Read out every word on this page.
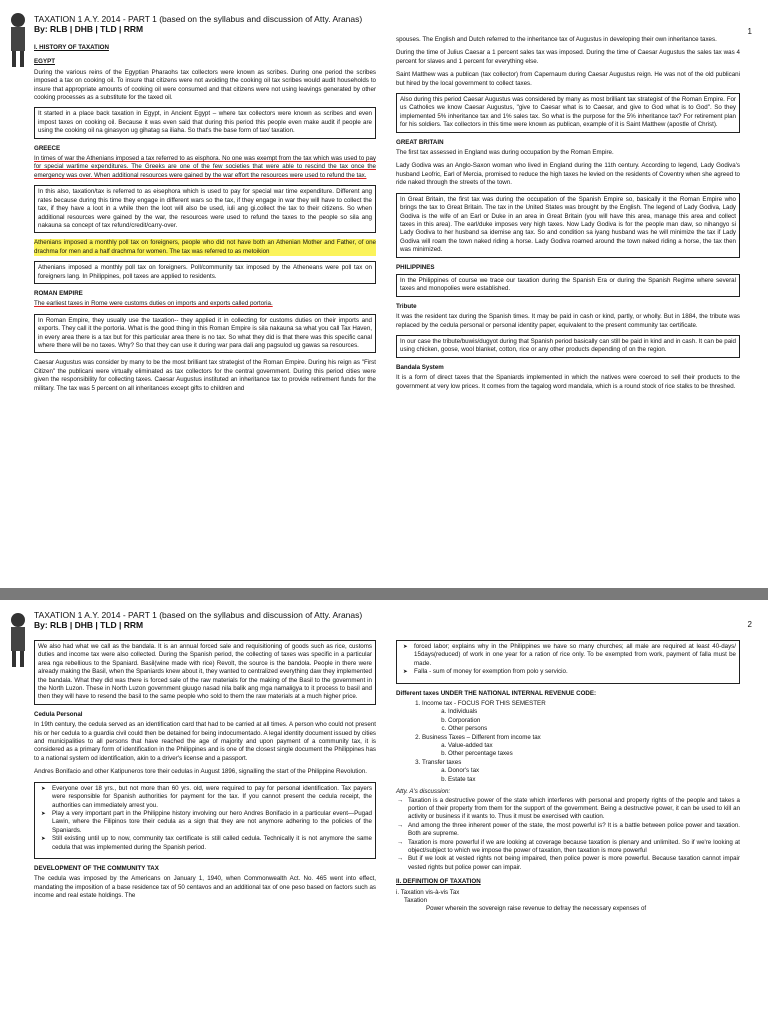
TAXATION 1 A.Y. 2014 - PART 1 (based on the syllabus and discussion of Atty. Aranas)
By: RLB | DHB | TLD | RRM	1
I. HISTORY OF TAXATION
EGYPT

During the various reins of the Egyptian Pharaohs tax collectors were known as scribes. During one period the scribes imposed a tax on cooking oil. To insure that citizens were not avoiding the cooking oil tax scribes would audit households to insure that appropriate amounts of cooking oil were consumed and that citizens were not using leavings generated by other cooking processes as a substitute for the taxed oil.

It started in a place back taxation in Egypt, in Ancient Egypt – where tax collectors were known as scribes and even impost taxes on cooking oil. Because it was even said that during this period this people even make audit if people are using the cooking oil na ginasyon ug gihatag sa iliaha. So that's the base form of tax/ taxation.
GREECE

In times of war the Athenians imposed a tax referred to as eisphora. No one was exempt from the tax which was used to pay for special wartime expenditures. The Greeks are one of the few societies that were able to rescind the tax once the emergency was over. When additional resources were gained by the war effort the resources were used to refund the tax.

In this also, taxation/tax is referred to as eisephora which is used to pay for special war time expenditure. Different ang rates because during this time they engage in different wars so the tax, if they engage in war they will have to collect the tax, if they have a loot in a while then the loot will also be used, iuli ang gi.collect the tax to their citizens. So when additional resources were gained by the war, the resources were used to refund the taxes to the people so sila ang nakauna sa concept of tax refund/credit/carry-over.

Athenians imposed a monthly poll tax on foreigners, people who did not have both an Athenian Mother and Father, of one drachma for men and a half drachma for women. The tax was referred to as metoikion

Athenians imposed a monthly poll tax on foreigners. Poll/community tax imposed by the Atheneans were poll tax on foreigners lang. In Philippines, poll taxes are applied to residents.
ROMAN EMPIRE

The earliest taxes in Rome were customs duties on imports and exports called portoria.

In Roman Empire, they usually use the taxation-- they applied it in collecting for customs duties on their imports and exports. They call it the portoria. What is the good thing in this Roman Empire is sila nakauna sa what you call Tax Haven, in every area there is a tax but for this particular area there is no tax. So what they did is that there was this specific canal where there will be no taxes. Why? So that they can use it during war para dali ang pagsulod ug gawas sa resources.

Caesar Augustus was consider by many to be the most brilliant tax strategist of the Roman Empire. During his reign as "First Citizen" the publicani were virtually eliminated as tax collectors for the central government. During this period cities were given the responsibility for collecting taxes. Caesar Augustus instituted an inheritance tax to provide retirement funds for the military. The tax was 5 percent on all inheritances except gifts to children and

spouses. The English and Dutch referred to the inheritance tax of Augustus in developing their own inheritance taxes.

During the time of Julius Caesar a 1 percent sales tax was imposed. During the time of Caesar Augustus the sales tax was 4 percent for slaves and 1 percent for everything else.

Saint Matthew was a publican (tax collector) from Capernaum during Caesar Augustus reign. He was not of the old publicani but hired by the local government to collect taxes.

Also during this period Caesar Augustus was considered by many as most brilliant tax strategist of the Roman Empire. For us Catholics we know Caesar Augustus, "give to Caesar what is to Caesar, and give to God what is to God". So they implemented 5% inheritance tax and 1% sales tax. So what is the purpose for the 5% inheritance tax? For retirement plan for his soldiers. Tax collectors in this time were known as publican, example of it is Saint Matthew (apostle of Christ).
GREAT BRITAIN

The first tax assessed in England was during occupation by the Roman Empire.

Lady Godiva was an Anglo-Saxon woman who lived in England during the 11th century. According to legend, Lady Godiva's husband Leofric, Earl of Mercia, promised to reduce the high taxes he levied on the residents of Coventry when she agreed to ride naked through the streets of the town.

In Great Britain, the first tax was during the occupation of the Spanish Empire so, basically it the Roman Empire who brings the tax to Great Britain. The tax in the United States was brought by the English. The legend of Lady Godiva, Lady Godiva is the wife of an Earl or Duke in an area in Great Britain (you will have this area, manage this area and collect taxes in this area). The earl/duke imposes very high taxes. Now Lady Godiva is for the people man daw, so nihangyo si Lady Godiva to her husband sa idemise ang tax. So and condition sa iyang husband was he will minimize the tax if Lady Godiva will roam the town naked riding a horse. Lady Godiva roamed around the town naked riding a horse, the tax then was minimized.
PHILIPPINES
In the Philippines of course we trace our taxation during the Spanish Era or during the Spanish Regime where several taxes and monopolies were established.
Tribute

It was the resident tax during the Spanish times. It may be paid in cash or kind, partly, or wholly. But in 1884, the tribute was replaced by the cedula personal or personal identity paper, equivalent to the present community tax certificate.

In our case the tribute/buwis/dugyot during that Spanish period basically can still be paid in kind and in cash. It can be paid using chicken, goose, wool blanket, cotton, rice or any other products depending of on the region.
Bandala System

It is a form of direct taxes that the Spaniards implemented in which the natives were coerced to sell their products to the government at very low prices. It comes from the tagalog word mandala, which is a round stock of rice stalks to be threshed.

TAXATION 1 A.Y. 2014 - PART 1 (based on the syllabus and discussion of Atty. Aranas)
By: RLB | DHB | TLD | RRM	2
We also had what we call as the bandala. It is an annual forced sale and requisitioning of goods such as rice, customs duties and income tax were also collected. During the Spanish period, the collecting of taxes was specific in a particular area nga rebellious to the Spaniard. Basil(wine made with rice) Revolt, the source is the bandola. People in there were already making the Basil, when the Spaniards knew about it, they wanted to centralized everything daw they implemented the bandala. What they did was there is forced sale of the raw materials for the making of the Basil to the government in the North Luzon. These in North Luzon government giuugo nasad nila balik ang mga namaligya to it process to basil and then they will have to resend the basil to the same people who sold to them the raw materials at a much higher price.
Cedula Personal

In 19th century, the cedula served as an identification card that had to be carried at all times. A person who could not present his or her cedula to a guardia civil could then be detained for being indocumentado. A legal identity document issued by cities and municipalities to all persons that have reached the age of majority and upon payment of a community tax, it is considered as a primary form of identification in the Philippines and is one of the closest single document the Philippines has to a national system od identification, akin to a driver's license and a passport.

Andres Bonifacio and other Katipuneros tore their cedulas in August 1896, signalling the start of the Philippine Revolution.

➤ Everyone over 18 yrs., but not more than 60 yrs. old, were required to pay for personal identification. Tax payers were responsible for Spanish authorities for payment for the tax. If you cannot present the cedula receipt, the authorities can immediately arrest you.
➤ Play a very important part in the Philippine history involving our hero Andres Bonifacio in a particular event—Pugad Lawin, where the Filipinos tore their cedula as a sign that they are not anymore adhering to the policies of the Spaniards.
➤ Still existing until up to now, community tax certificate is still called cedula. Technically it is not anymore the same cedula that was implemented during the Spanish period.
DEVELOPMENT OF THE COMMUNITY TAX

The cedula was imposed by the Americans on January 1, 1940, when Commonwealth Act. No. 465 went into effect, mandating the imposition of a base residence tax of 50 centavos and an additional tax of one peso based on factors such as income and real estate holdings. The

➤ forced labor; explains why in the Philippines we have so many churches; all male are required at least 40-days/ 15days(reduced) of work in one year for a ration of rice only. To be exempted from work, payment of falla must be made.
➤ Falla - sum of money for exemption from polo y servicio.
Different taxes UNDER THE NATIONAL INTERNAL REVENUE CODE:
1. Income tax - FOCUS FOR THIS SEMESTER
a. Individuals
b. Corporation
c. Other persons
2. Business Taxes – Different from income tax
a. Value-added tax
b. Other percentage taxes
3. Transfer taxes
a. Donor's tax
b. Estate tax
Atty. A's discussion:
→ Taxation is a destructive power of the state which interferes with personal and property rights of the people and takes a portion of their property from them for the support of the government. Being a destructive power, it can be used to kill an activity or business if it wants to. Thus it must be exercised with caution.
→ And among the three inherent power of the state, the most powerful is? It is a battle between police power and taxation. Both are supreme.
→ Taxation is more powerful if we are looking at coverage because taxation is plenary and unlimited. So if we're looking at object/subject to which we impose the power of taxation, then taxation is more powerful
→ But if we look at vested rights not being impaired, then police power is more powerful. Because taxation cannot impair vested rights but police power can impair.
II. DEFINITION OF TAXATION
i. Taxation vis-à-vis Tax
Taxation
Power wherein the sovereign raise revenue to defray the necessary expenses of
